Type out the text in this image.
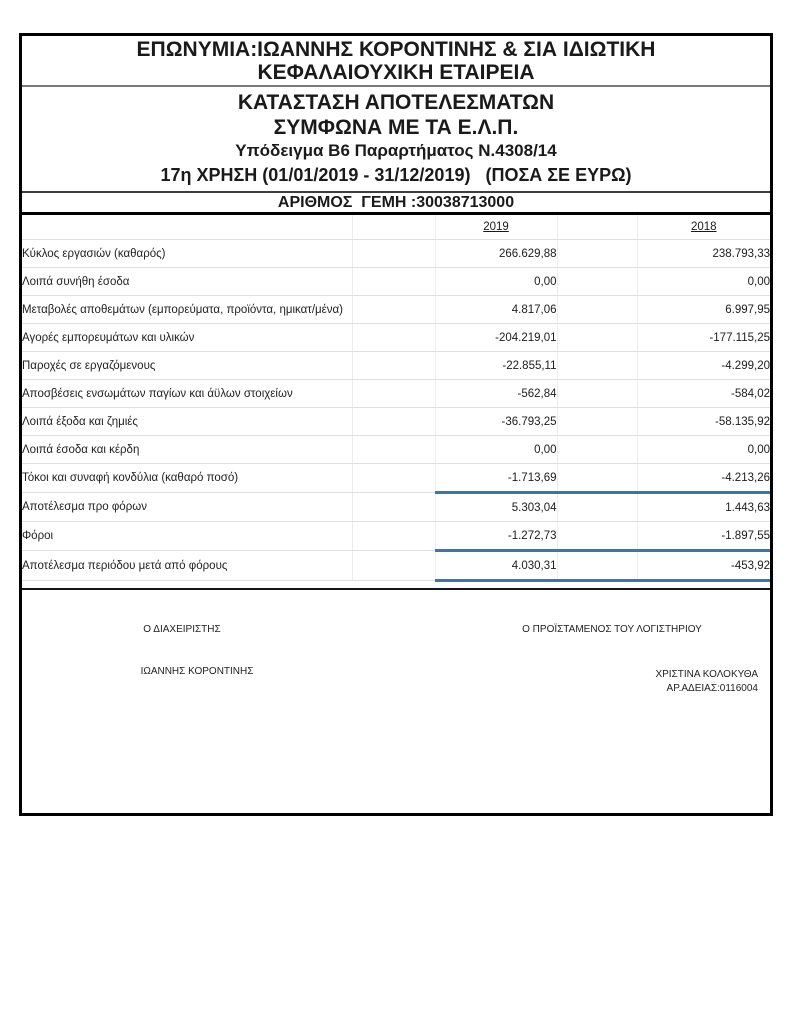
ΕΠΩΝΥΜΙΑ:ΙΩΑΝΝΗΣ ΚΟΡΟΝΤΙΝΗΣ & ΣΙΑ ΙΔΙΩΤΙΚΗ
ΚΕΦΑΛΑΙΟΥΧΙΚΗ ΕΤΑΙΡΕΙΑ
ΚΑΤΑΣΤΑΣΗ ΑΠΟΤΕΛΕΣΜΑΤΩΝ
ΣΥΜΦΩΝΑ ΜΕ ΤΑ Ε.Λ.Π.
Υπόδειγμα Β6 Παραρτήματος Ν.4308/14
17η ΧΡΗΣΗ (01/01/2019 - 31/12/2019)   (ΠΟΣΑ ΣΕ ΕΥΡΩ)
ΑΡΙΘΜΟΣ  ΓΕΜΗ :30038713000
		2019		2018
Κύκλος εργασιών (καθαρός)		266.629,88		238.793,33
Λοιπά συνήθη έσοδα		0,00		0,00
Μεταβολές αποθεμάτων (εμπορεύματα, προϊόντα, ημικατ/μένα)		4.817,06		6.997,95
Αγορές εμπορευμάτων και υλικών		-204.219,01		-177.115,25
Παροχές σε εργαζόμενους		-22.855,11		-4.299,20
Αποσβέσεις ενσωμάτων παγίων και άϋλων στοιχείων		-562,84		-584,02
Λοιπά έξοδα και ζημιές		-36.793,25		-58.135,92
Λοιπά έσοδα και κέρδη		0,00		0,00
Τόκοι και συναφή κονδύλια (καθαρό ποσό)		-1.713,69		-4.213,26
Αποτέλεσμα προ φόρων		5.303,04		1.443,63
Φόροι		-1.272,73		-1.897,55
Αποτέλεσμα περιόδου μετά από φόρους		4.030,31		-453,92
Ο ΔΙΑΧΕΙΡΙΣΤΗΣ	Ο ΠΡΟΪΣΤΑΜΕΝΟΣ ΤΟΥ ΛΟΓΙΣΤΗΡΙΟΥ
ΙΩΑΝΝΗΣ ΚΟΡΟΝΤΙΝΗΣ	ΧΡΙΣΤΙΝΑ ΚΟΛΟΚΥΘΑ
ΑΡ.ΑΔΕΙΑΣ:0116004
